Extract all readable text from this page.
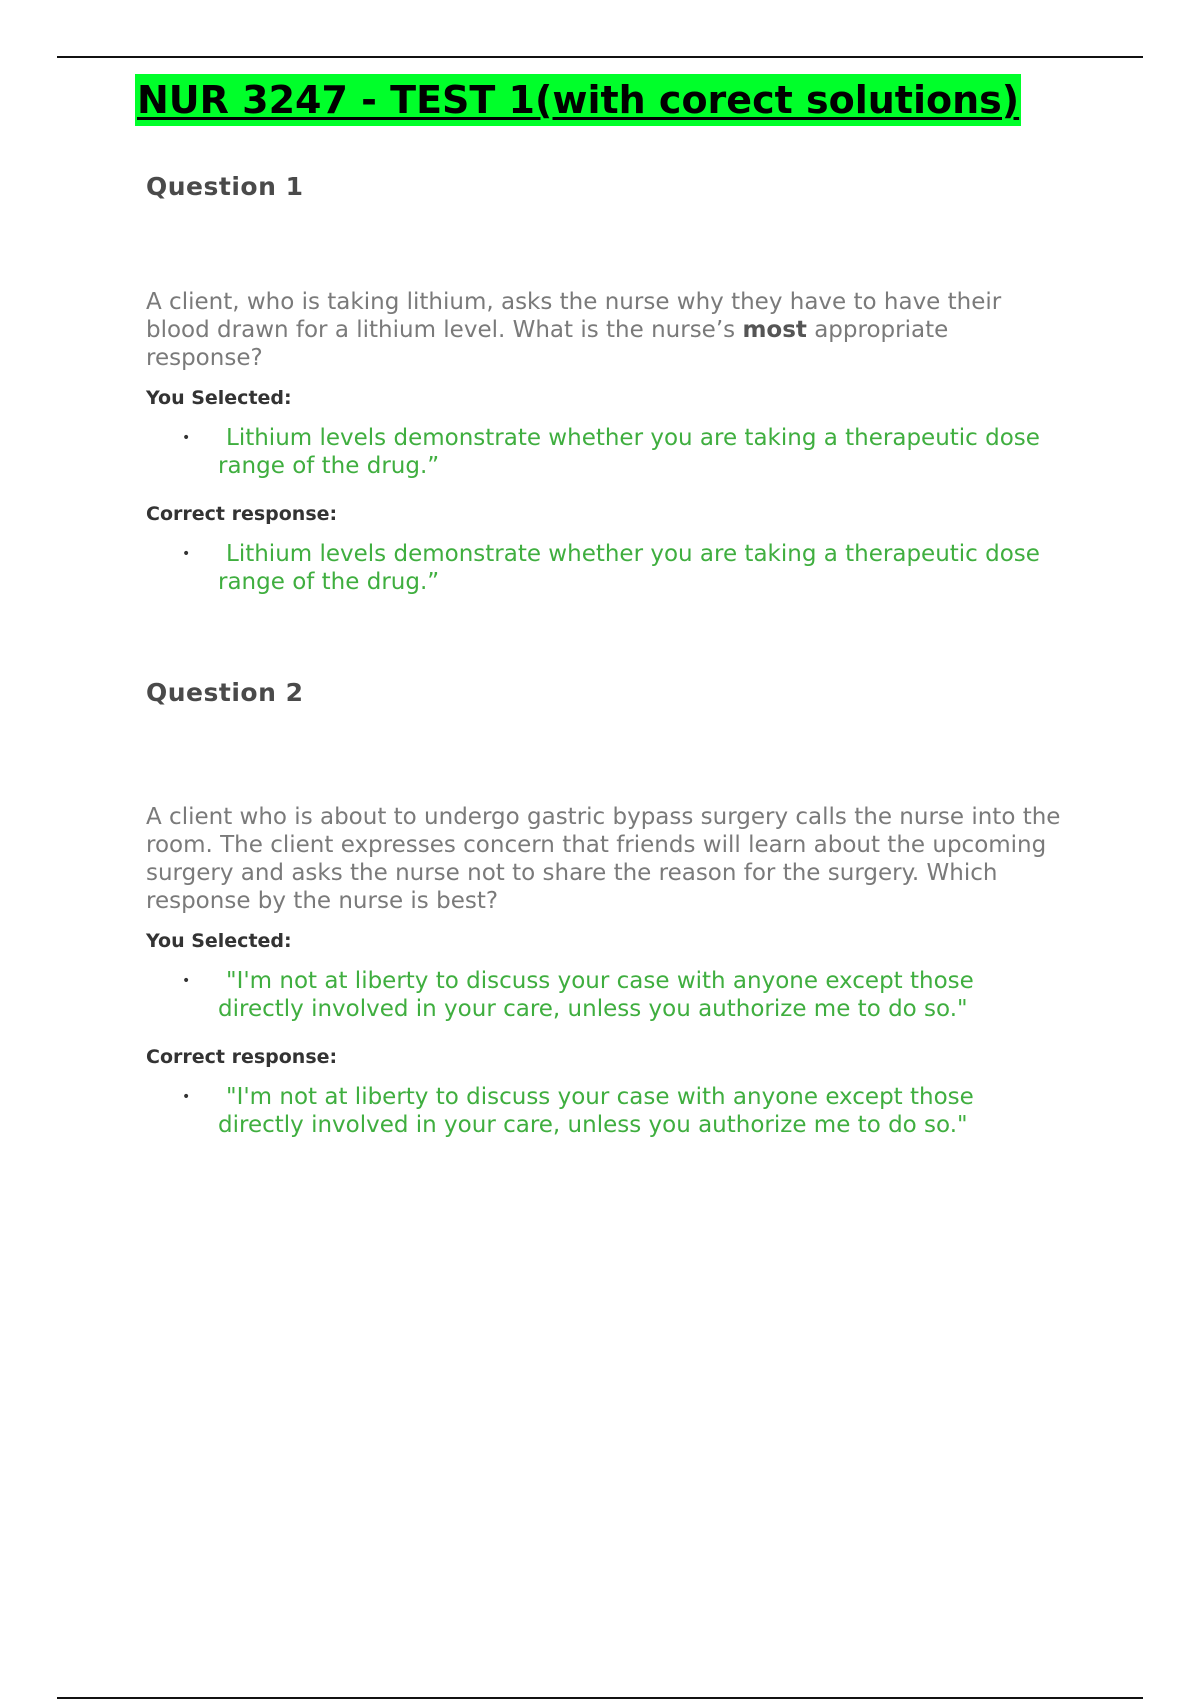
NUR 3247 - TEST 1(with corect solutions)
Question 1

A client, who is taking lithium, asks the nurse why they have to have their blood drawn for a lithium level. What is the nurse’s most appropriate response?

You Selected:

•	Lithium levels demonstrate whether you are taking a therapeutic dose range of the drug.”

Correct response:

•	Lithium levels demonstrate whether you are taking a therapeutic dose range of the drug.”

Question 2

A client who is about to undergo gastric bypass surgery calls the nurse into the room. The client expresses concern that friends will learn about the upcoming surgery and asks the nurse not to share the reason for the surgery. Which response by the nurse is best?

You Selected:

•	"I'm not at liberty to discuss your case with anyone except those directly involved in your care, unless you authorize me to do so."

Correct response:

•	"I'm not at liberty to discuss your case with anyone except those directly involved in your care, unless you authorize me to do so."
